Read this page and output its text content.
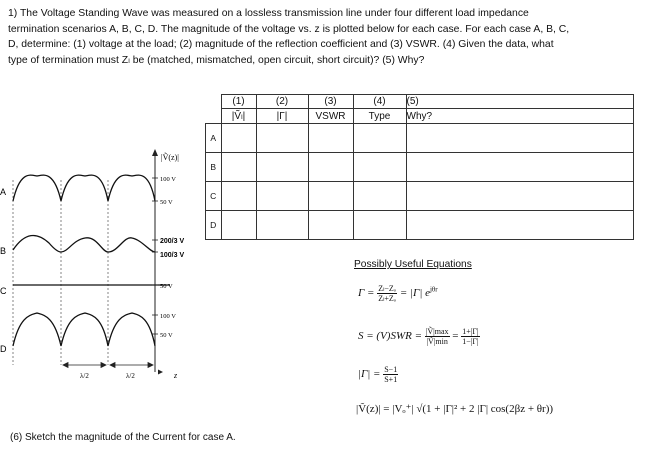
1) The Voltage Standing Wave was measured on a lossless transmission line under four different load impedance
termination scenarios A, B, C, D. The magnitude of the voltage vs. z is plotted below for each case. For each case A, B, C,
D, determine: (1) voltage at the load; (2) magnitude of the reflection coefficient and (3) VSWR. (4) Given the data, what
type of termination must Zₗ be (matched, mismatched, open circuit, short circuit)? (5) Why?
	(1)	(2)	(3)	(4)	(5)
	|Ṽₗ|	|Γ|	VSWR	Type	Why?
A					
B					
C					
D					
|Ṽ(z)|
A
B
C
D
100 V
50 V
200/3 V
100/3 V
50 V
100 V
50 V
λ/2	λ/2	z
Possibly Useful Equations
$\Gamma = \frac{\text{Zₗ−Zₒ}}{\text{Zₗ+Zₒ}} = |\Gamma|$ $e^{j\theta r}$
$S = (V)SWR = \frac{|Ṽ|\max}{|Ṽ|\min} = \frac{1+|\Gamma|}{1-|\Gamma|}$
$|\Gamma| = \frac{S-1}{S+1}$
|Ṽ(z)| = |Vₒ⁺| √(1 + |Γ|² + 2 |Γ| cos(2βz + θr))
(6) Sketch the magnitude of the Current for case A.
